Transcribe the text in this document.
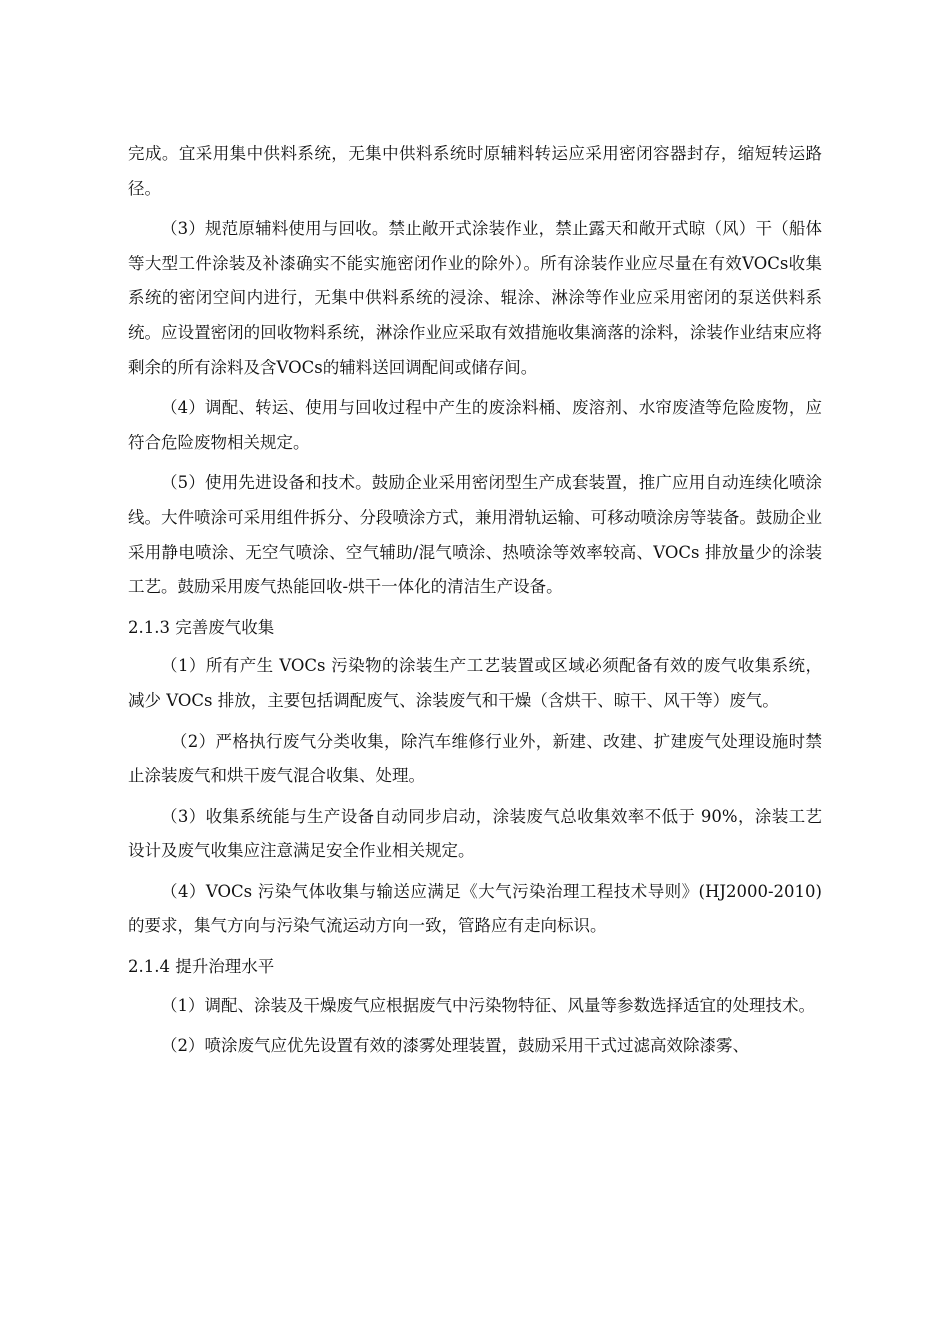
完成。宜采用集中供料系统，无集中供料系统时原辅料转运应采用密闭容器封存，缩短转运路径。

（3）规范原辅料使用与回收。禁止敞开式涂装作业，禁止露天和敞开式晾（风）干（船体等大型工件涂装及补漆确实不能实施密闭作业的除外）。所有涂装作业应尽量在有效VOCs收集系统的密闭空间内进行，无集中供料系统的浸涂、辊涂、淋涂等作业应采用密闭的泵送供料系统。应设置密闭的回收物料系统，淋涂作业应采取有效措施收集滴落的涂料，涂装作业结束应将剩余的所有涂料及含VOCs的辅料送回调配间或储存间。

（4）调配、转运、使用与回收过程中产生的废涂料桶、废溶剂、水帘废渣等危险废物，应符合危险废物相关规定。

（5）使用先进设备和技术。鼓励企业采用密闭型生产成套装置，推广应用自动连续化喷涂线。大件喷涂可采用组件拆分、分段喷涂方式，兼用滑轨运输、可移动喷涂房等装备。鼓励企业采用静电喷涂、无空气喷涂、空气辅助/混气喷涂、热喷涂等效率较高、VOCs 排放量少的涂装工艺。鼓励采用废气热能回收-烘干一体化的清洁生产设备。

2.1.3 完善废气收集

（1）所有产生 VOCs 污染物的涂装生产工艺装置或区域必须配备有效的废气收集系统，减少 VOCs 排放，主要包括调配废气、涂装废气和干燥（含烘干、晾干、风干等）废气。

（2）严格执行废气分类收集，除汽车维修行业外，新建、改建、扩建废气处理设施时禁止涂装废气和烘干废气混合收集、处理。

（3）收集系统能与生产设备自动同步启动，涂装废气总收集效率不低于 90%，涂装工艺设计及废气收集应注意满足安全作业相关规定。

（4）VOCs 污染气体收集与输送应满足《大气污染治理工程技术导则》(HJ2000-2010)的要求，集气方向与污染气流运动方向一致，管路应有走向标识。

2.1.4 提升治理水平

（1）调配、涂装及干燥废气应根据废气中污染物特征、风量等参数选择适宜的处理技术。

（2）喷涂废气应优先设置有效的漆雾处理装置，鼓励采用干式过滤高效除漆雾、
